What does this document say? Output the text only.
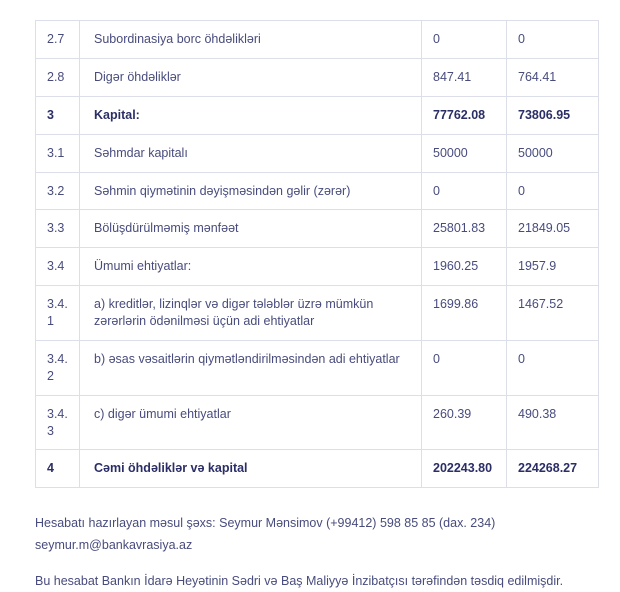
2.7	Subordinasiya borc öhdəlikləri	0	0
2.8	Digər öhdəliklər	847.41	764.41
3	Kapital:	77762.08	73806.95
3.1	Səhmdar kapitalı	50000	50000
3.2	Səhmin qiymətinin dəyişməsindən gəlir (zərər)	0	0
3.3	Bölüşdürülməmiş mənfəət	25801.83	21849.05
3.4	Ümumi ehtiyatlar:	1960.25	1957.9
3.4.1	a) kreditlər, lizinqlər və digər tələblər üzrə mümkün zərərlərin ödənilməsi üçün adi ehtiyatlar	1699.86	1467.52
3.4.2	b) əsas vəsaitlərin qiymətləndirilməsindən adi ehtiyatlar	0	0
3.4.3	c) digər ümumi ehtiyatlar	260.39	490.38
4	Cəmi öhdəliklər və kapital	202243.80	224268.27
Hesabatı hazırlayan məsul şəxs: Seymur Mənsimov (+99412) 598 85 85 (dax. 234)
seymur.m@bankavrasiya.az
Bu hesabat Bankın İdarə Heyətinin Sədri və Baş Maliyyə İnzibatçısı tərəfindən təsdiq edilmişdir.
